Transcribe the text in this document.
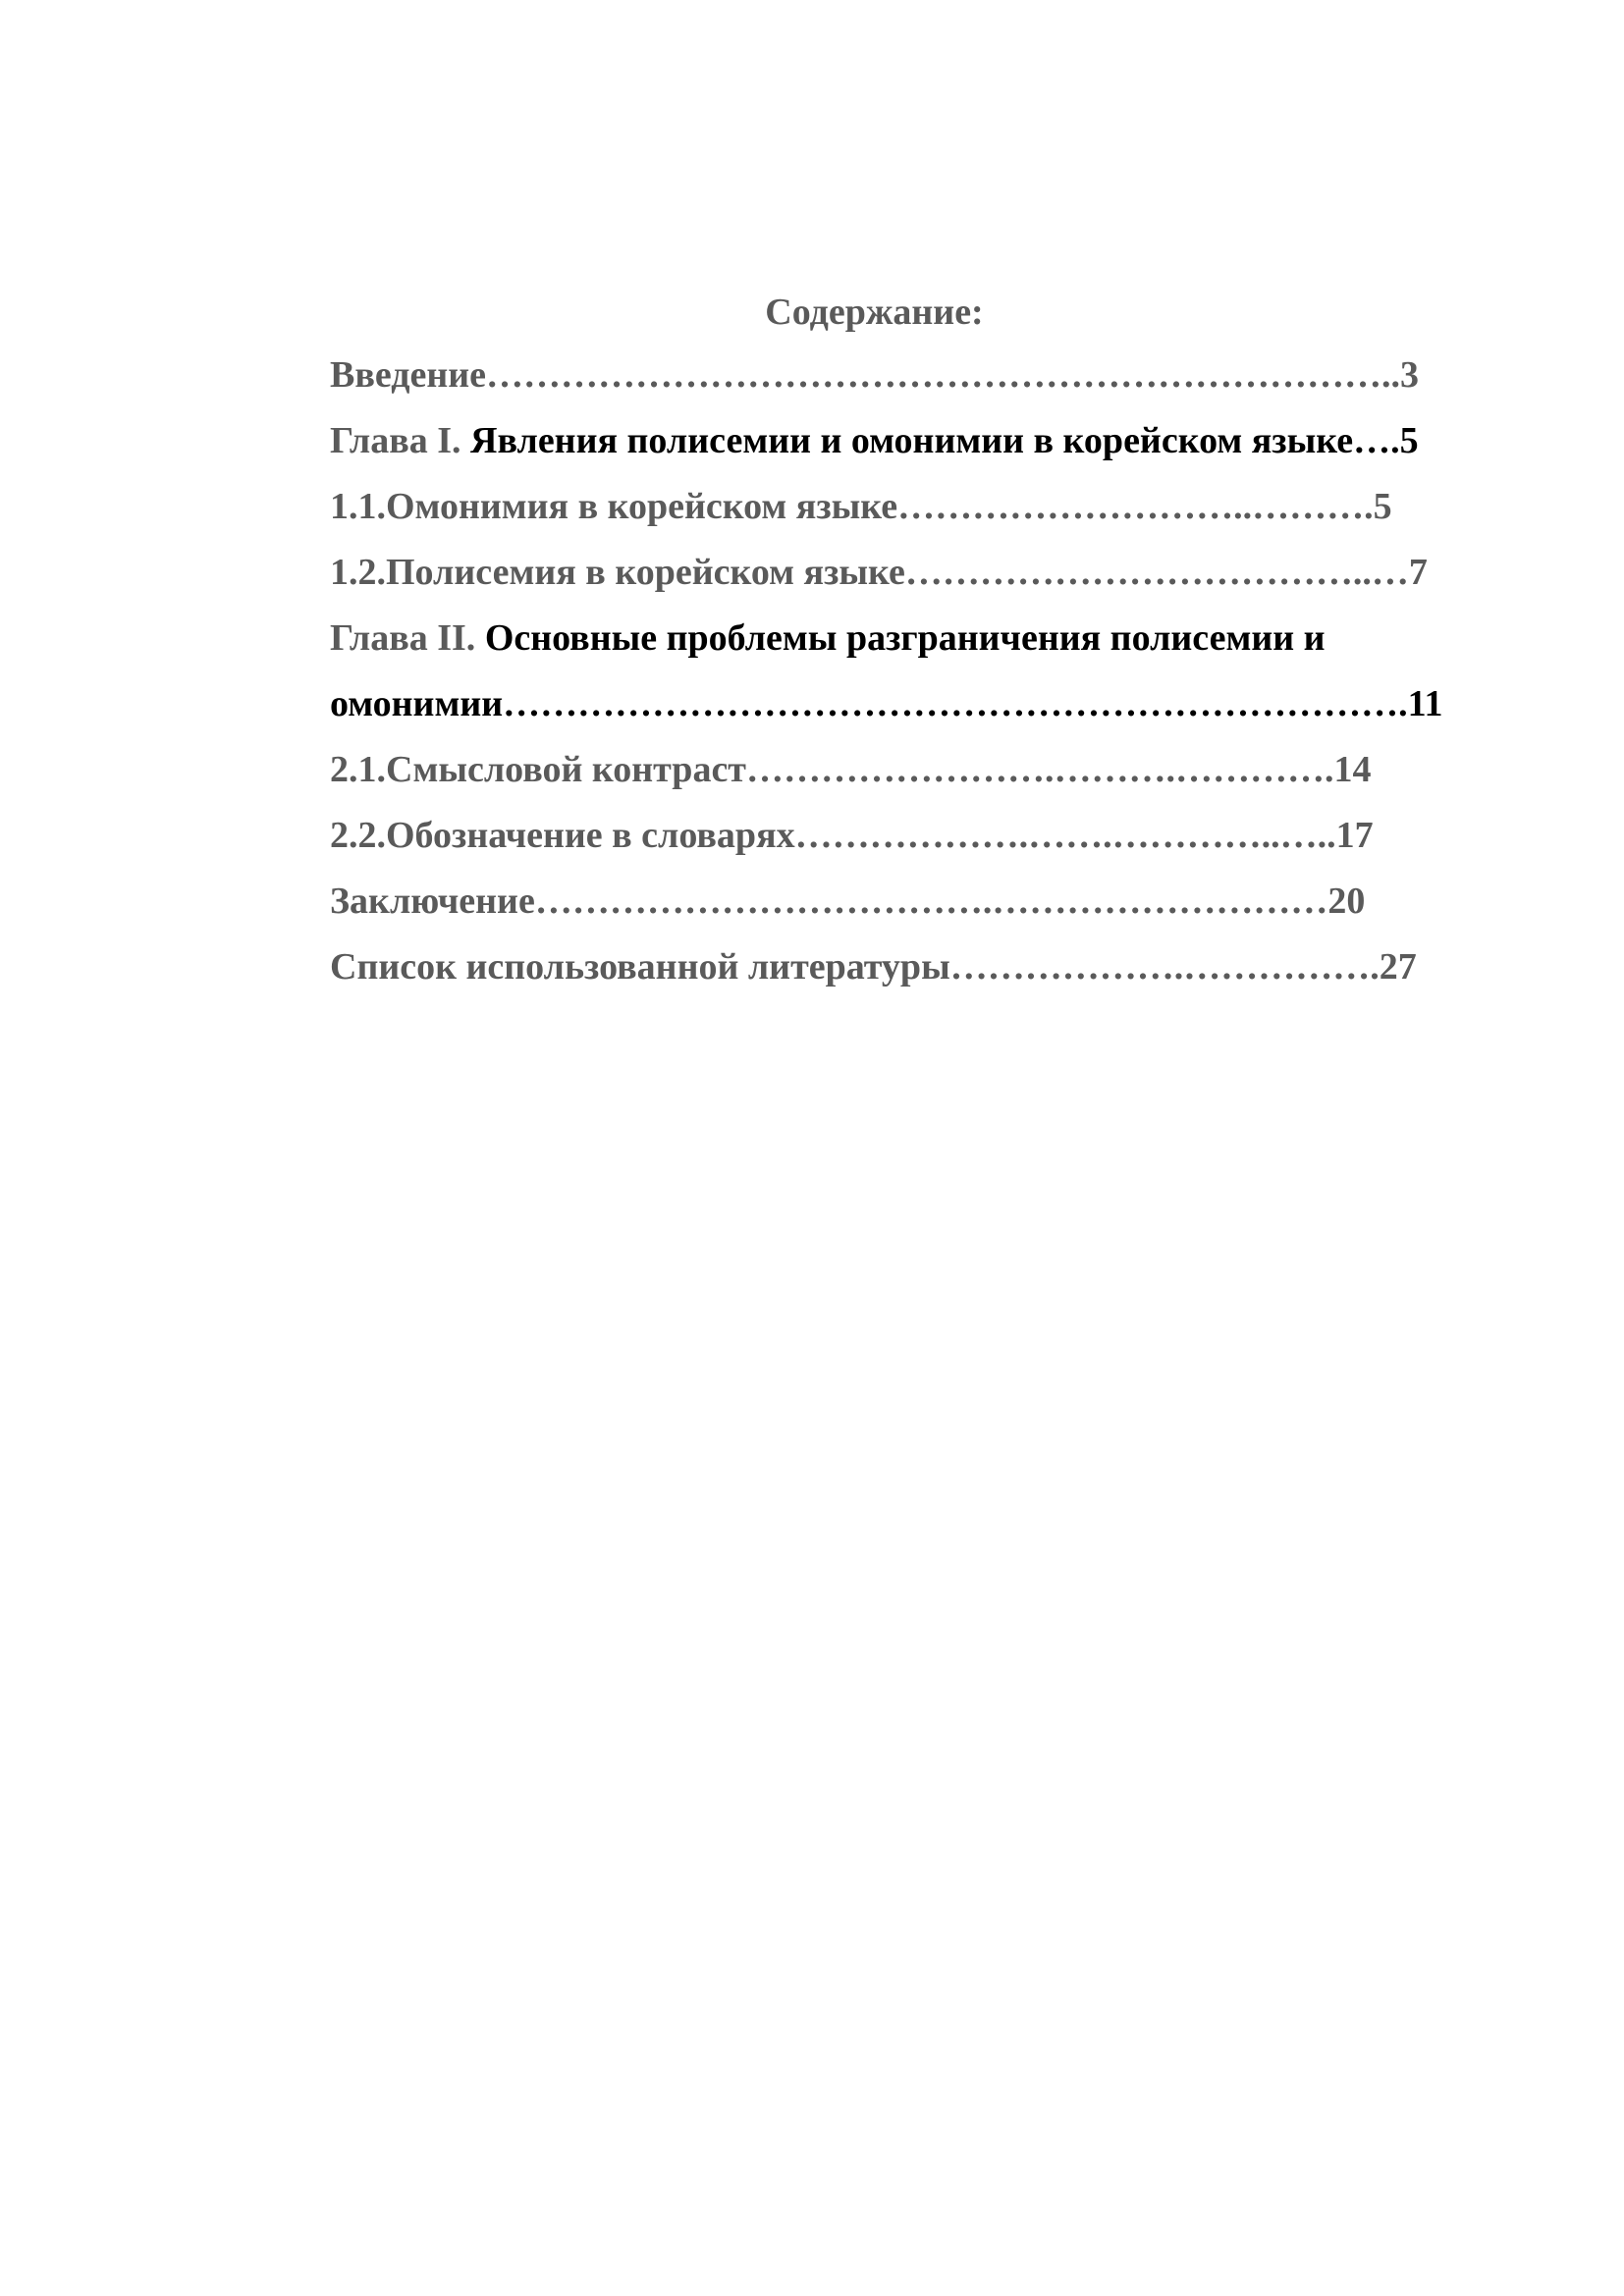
Содержание:
Введение………………………………………………………………..3
Глава I. Явления полисемии и омонимии в корейском языке….5
1.1.Омонимия в корейском языке………………………..……….5
1.2.Полисемия в корейском языке………………………………..…7
Глава II. Основные проблемы разграничения полисемии и
омонимии……………………………………………………………….11
2.1.Смысловой контраст…………………….……….………….14
2.2.Обозначение в словарях……………….…….…………..…..17
Заключение……………………………….………………………20
Список использованной литературы……………….…………….27
